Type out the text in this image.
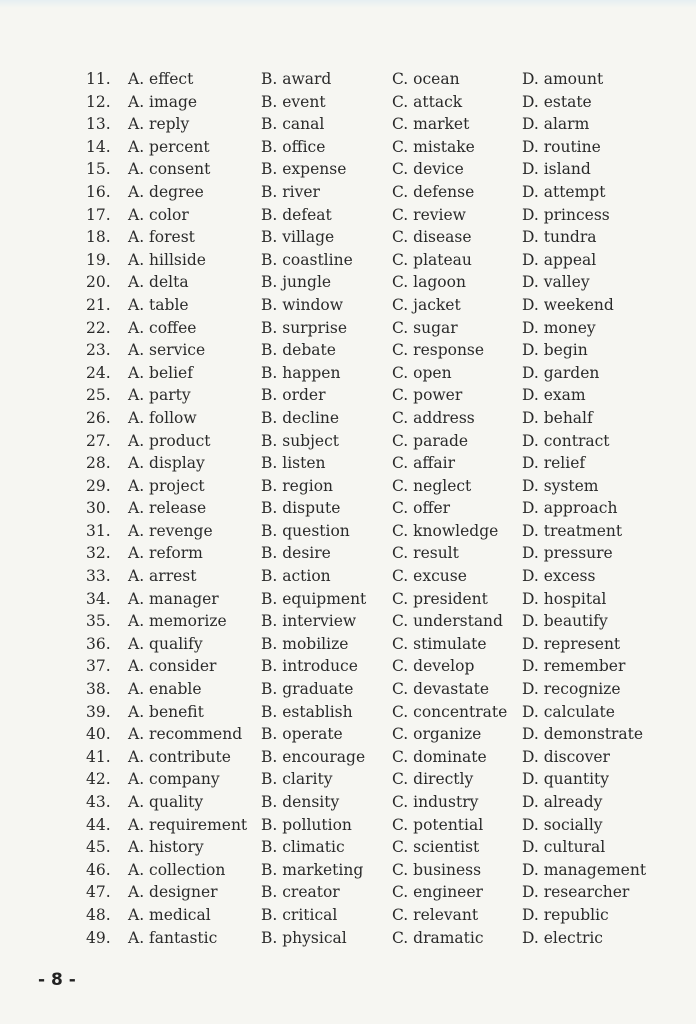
11. A. effect	B. award	C. ocean	D. amount
12. A. image	B. event	C. attack	D. estate
13. A. reply	B. canal	C. market	D. alarm
14. A. percent	B. office	C. mistake	D. routine
15. A. consent	B. expense	C. device	D. island
16. A. degree	B. river	C. defense	D. attempt
17. A. color	B. defeat	C. review	D. princess
18. A. forest	B. village	C. disease	D. tundra
19. A. hillside	B. coastline	C. plateau	D. appeal
20. A. delta	B. jungle	C. lagoon	D. valley
21. A. table	B. window	C. jacket	D. weekend
22. A. coffee	B. surprise	C. sugar	D. money
23. A. service	B. debate	C. response D. begin
24. A. belief	B. happen	C. open	D. garden
25. A. party	B. order	C. power	D. exam
26. A. follow	B. decline	C. address	D. behalf
27. A. product	B. subject	C. parade	D. contract
28. A. display	B. listen	C. affair	D. relief
29. A. project	B. region	C. neglect	D. system
30. A. release	B. dispute	C. offer	D. approach
31. A. revenge	B. question	C. knowledge D. treatment
32. A. reform	B. desire	C. result	D. pressure
33. A. arrest	B. action	C. excuse	D. excess
34. A. manager	B. equipment C. president D. hospital
35. A. memorize B. interview C. understand D. beautify
36. A. qualify	B. mobilize	C. stimulate D. represent
37. A. consider	B. introduce C. develop	D. remember
38. A. enable	B. graduate C. devastate D. recognize
39. A. benefit	B. establish	C. concentrate D. calculate
40. A. recommend B. operate	C. organize	D. demonstrate
41. A. contribute B. encourage C. dominate D. discover
42. A. company	B. clarity	C. directly	D. quantity
43. A. quality	B. density	C. industry	D. already
44. A. requirement B. pollution	C. potential	D. socially
45. A. history	B. climatic	C. scientist	D. cultural
46. A. collection B. marketing C. business	D. management
47. A. designer	B. creator	C. engineer	D. researcher
48. A. medical	B. critical	C. relevant	D. republic
49. A. fantastic	B. physical	C. dramatic D. electric
- 8 -
